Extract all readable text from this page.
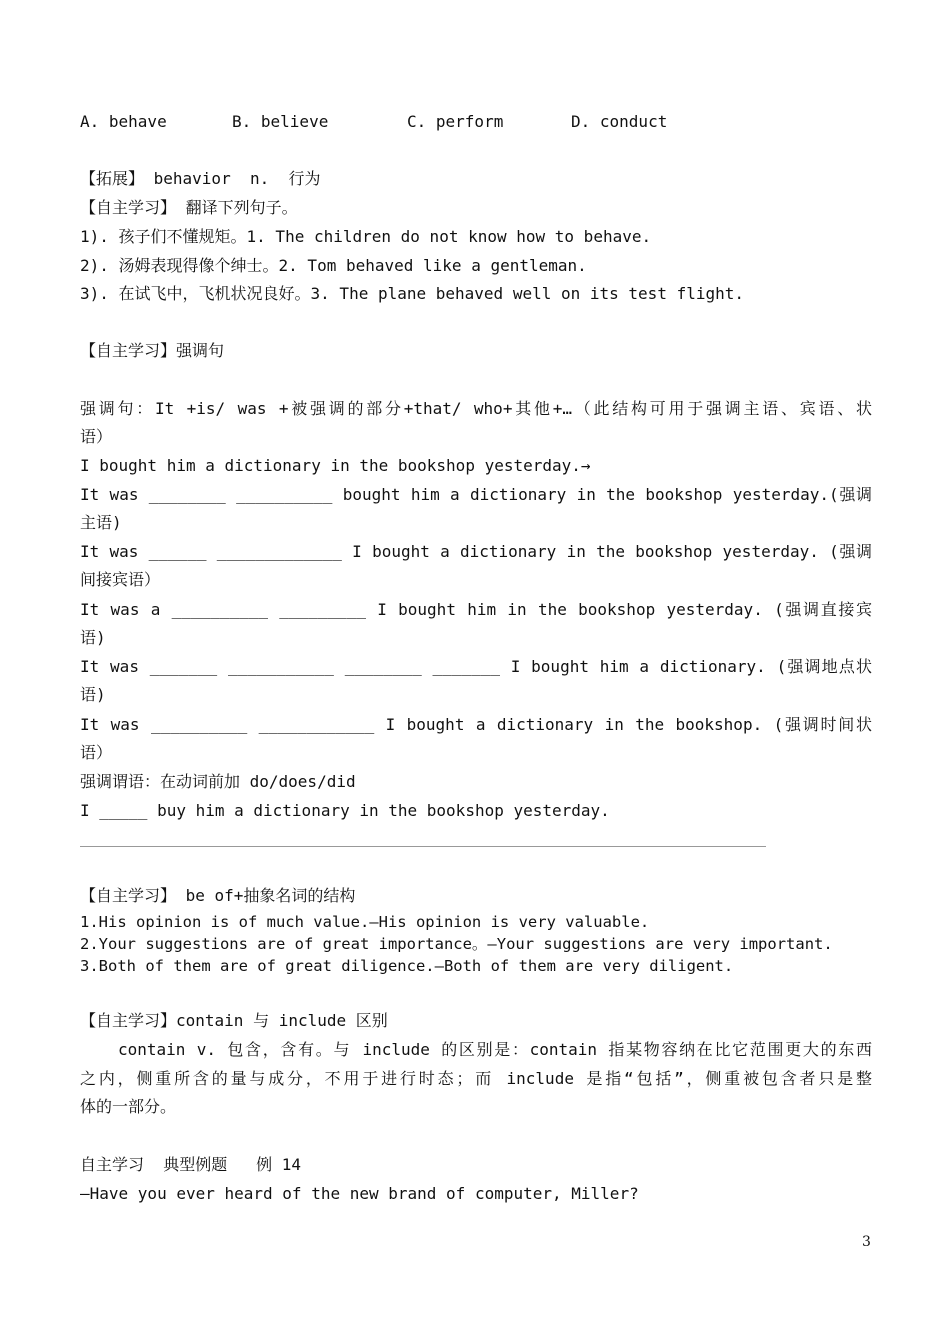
A. behave	B. believe	C. perform	D. conduct
【拓展】 behavior  n.  行为
【自主学习】 翻译下列句子。
1). 孩子们不懂规矩。1. The children do not know how to behave.
2). 汤姆表现得像个绅士。2. Tom behaved like a gentleman.
3). 在试飞中，飞机状况良好。3. The plane behaved well on its test flight.
【自主学习】强调句
强调句：It +is/ was +被强调的部分+that/ who+其他+…（此结构可用于强调主语、宾语、状
语）
I bought him a dictionary in the bookshop yesterday.→
It was ________ __________ bought him a dictionary in the bookshop yesterday.(强调
主语)
It was ______ _____________ I bought a dictionary in the bookshop yesterday. (强调
间接宾语）
It was a __________ _________ I bought him in the bookshop yesterday. (强调直接宾
语)
It was _______ ___________ ________ _______ I bought him a dictionary. (强调地点状
语)
It was __________ ____________ I bought a dictionary in the bookshop. (强调时间状
语）
强调谓语：在动词前加 do/does/did
I _____ buy him a dictionary in the bookshop yesterday.
【自主学习】 be of+抽象名词的结构
1.His opinion is of much value.—His opinion is very valuable.
2.Your suggestions are of great importance。—Your suggestions are very important.
3.Both of them are of great diligence.—Both of them are very diligent.
【自主学习】contain 与 include 区别
contain v. 包含，含有。与 include 的区别是：contain 指某物容纳在比它范围更大的东西
之内，侧重所含的量与成分，不用于进行时态；而 include 是指“包括”，侧重被包含者只是整
体的一部分。
自主学习  典型例题   例 14
—Have you ever heard of the new brand of computer, Miller?
3
